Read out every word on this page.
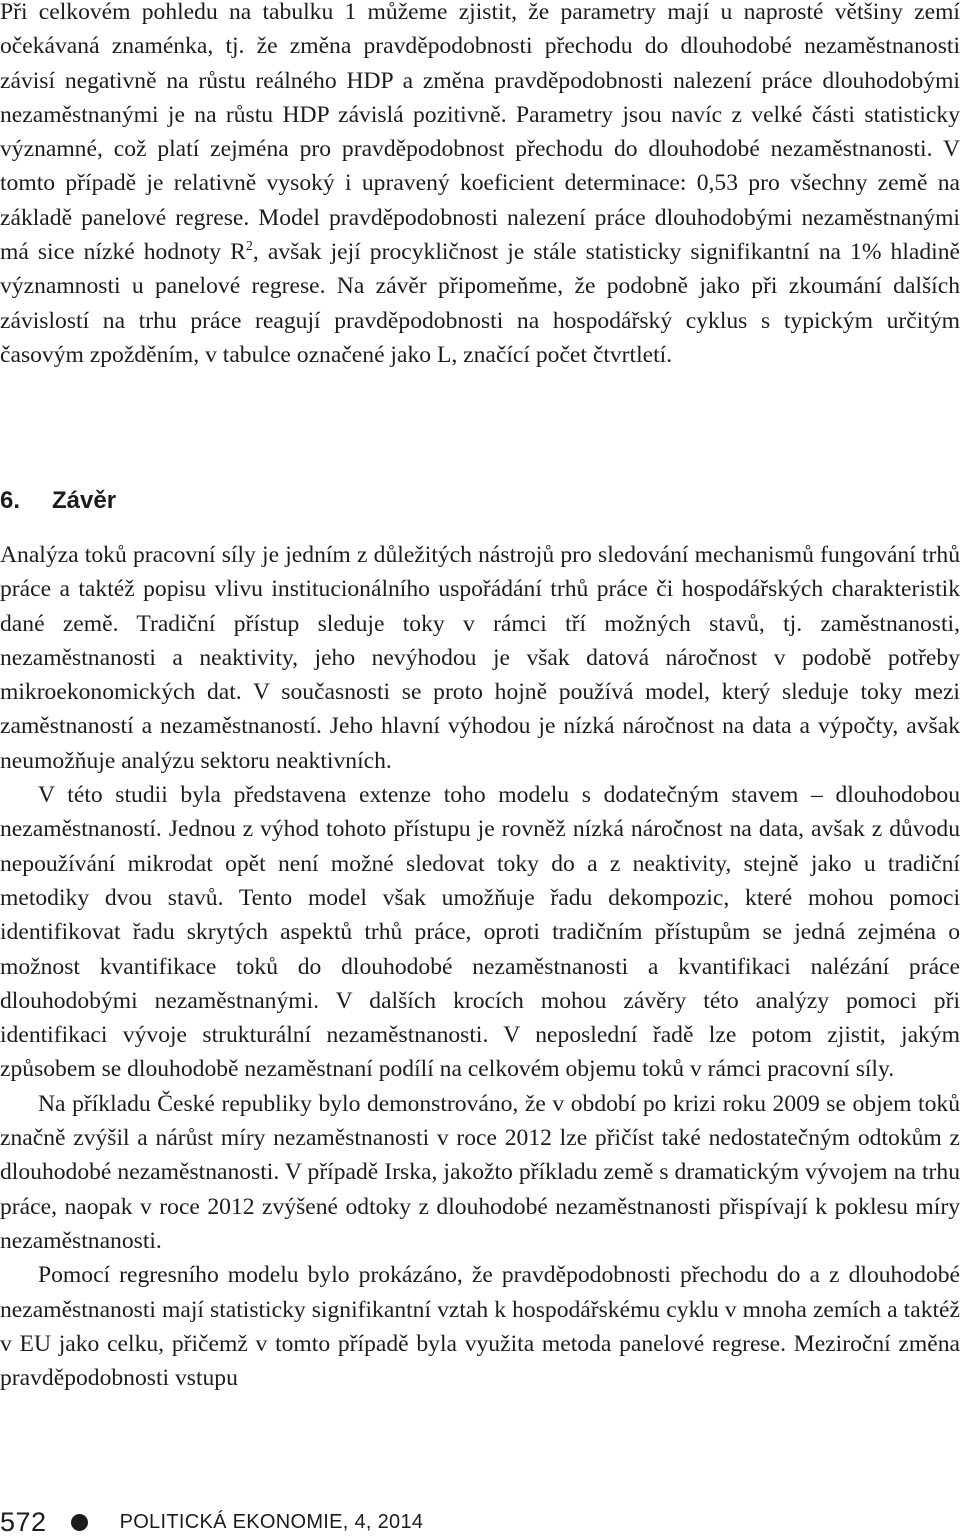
Při celkovém pohledu na tabulku 1 můžeme zjistit, že parametry mají u naprosté většiny zemí očekávaná znaménka, tj. že změna pravděpodobnosti přechodu do dlouhodobé nezaměstnanosti závisí negativně na růstu reálného HDP a změna pravděpodobnosti nalezení práce dlouhodobými nezaměstnanými je na růstu HDP závislá pozitivně. Parametry jsou navíc z velké části statisticky významné, což platí zejména pro pravděpodobnost přechodu do dlouhodobé nezaměstnanosti. V tomto případě je relativně vysoký i upravený koeficient determinace: 0,53 pro všechny země na základě panelové regrese. Model pravděpodobnosti nalezení práce dlouhodobými nezaměstnanými má sice nízké hodnoty $R^2$, avšak její procykličnost je stále statisticky signifikantní na 1% hladině významnosti u panelové regrese. Na závěr připomeňme, že podobně jako při zkoumání dalších závislostí na trhu práce reagují pravděpodobnosti na hospodářský cyklus s typickým určitým časovým zpožděním, v tabulce označené jako L, značící počet čtvrtletí.

6. Závěr

Analýza toků pracovní síly je jedním z důležitých nástrojů pro sledování mechanismů fungování trhů práce a taktéž popisu vlivu institucionálního uspořádání trhů práce či hospodářských charakteristik dané země. Tradiční přístup sleduje toky v rámci tří možných stavů, tj. zaměstnanosti, nezaměstnanosti a neaktivity, jeho nevýhodou je však datová náročnost v podobě potřeby mikroekonomických dat. V současnosti se proto hojně používá model, který sleduje toky mezi zaměstnaností a nezaměstnaností. Jeho hlavní výhodou je nízká náročnost na data a výpočty, avšak neumožňuje analýzu sektoru neaktivních.

V této studii byla představena extenze toho modelu s dodatečným stavem – dlouhodobou nezaměstnaností. Jednou z výhod tohoto přístupu je rovněž nízká náročnost na data, avšak z důvodu nepoužívání mikrodat opět není možné sledovat toky do a z neaktivity, stejně jako u tradiční metodiky dvou stavů. Tento model však umožňuje řadu dekompozic, které mohou pomoci identifikovat řadu skrytých aspektů trhů práce, oproti tradičním přístupům se jedná zejména o možnost kvantifikace toků do dlouhodobé nezaměstnanosti a kvantifikaci nalézání práce dlouhodobými nezaměstnanými. V dalších krocích mohou závěry této analýzy pomoci při identifikaci vývoje strukturální nezaměstnanosti. V neposlední řadě lze potom zjistit, jakým způsobem se dlouhodobě nezaměstnaní podílí na celkovém objemu toků v rámci pracovní síly.

Na příkladu České republiky bylo demonstrováno, že v období po krizi roku 2009 se objem toků značně zvýšil a nárůst míry nezaměstnanosti v roce 2012 lze přičíst také nedostatečným odtokům z dlouhodobé nezaměstnanosti. V případě Irska, jakožto příkladu země s dramatickým vývojem na trhu práce, naopak v roce 2012 zvýšené odtoky z dlouhodobé nezaměstnanosti přispívají k poklesu míry nezaměstnanosti.

Pomocí regresního modelu bylo prokázáno, že pravděpodobnosti přechodu do a z dlouhodobé nezaměstnanosti mají statisticky signifikantní vztah k hospodářskému cyklu v mnoha zemích a taktéž v EU jako celku, přičemž v tomto případě byla využita metoda panelové regrese. Meziroční změna pravděpodobnosti vstupu

572	POLITICKÁ EKONOMIE, 4, 2014
